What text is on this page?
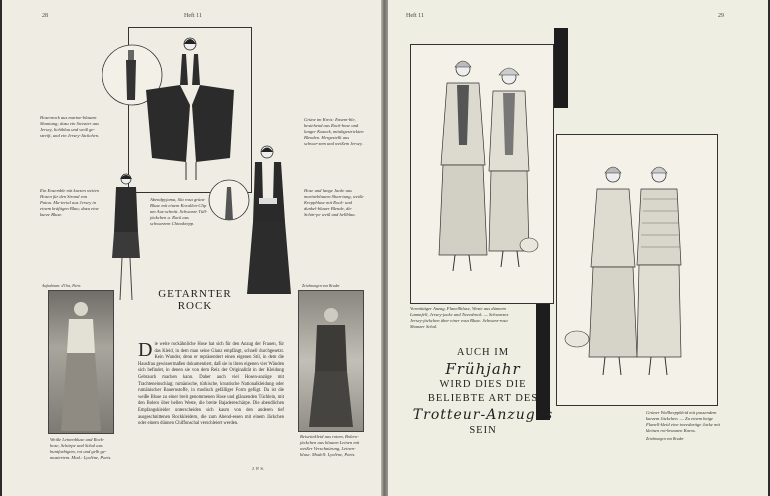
28	Heft 11
Hosenrock aus marine-blauem Shantung; dazu ein Sweater aus Jersey, lichtblau und weiß ge-streift, und ein Jersey-Jäckchen.
Ein Ensemble mit kurzen weiten Hosen für den Strand von Patou. Ma-terial aus Jersey in einem kräftigen Blau; dazu eine kurze Bluse.
Abendpyjama, lila rosa grüne Bluse mit einem Korallen-Clip am Aus-schnitt. Schwarze Tüll-jäckchen u. Rock aus schwarzem Chinakrepp.
Grüne im Kreis: Ensem-ble, bestehend aus Rock-hose und langer Kasack, mitabgestrickten Blenden. Hergestellt aus schwar-zem und weißem Jersey.
Hose und lange Jacke aus marineblauem Shan-tung, weiße Kreppbluse mit Rock- und dunkel-blauer Blende, die Schär-pe weiß und hellblau.
Aufnahmen: d'Ora, Paris	Zeichnungen von Bruder
Weiße Leinenbluse und Rock-hose, Schärpe und Schal aus buntfarbigem, rot und gelb ge-mustertem. Mod.: Lyolène, Paris.
GETARNTER
ROCK
Die weite rockähnliche Hose hat sich für den Anzug der Frauen, für das Kleid, in dem man seine Glanz empfängt, schnell durchgesetzt. Kein Wunder, denn er repräsentiert einen eigenen Stil, in dem die Hausfrau gewissermaßen dokumentiert, daß sie in ihren eigenen vier Wänden sich befindet, in denen sie von dem Reiz der Originalität in der Kleidung Gebrauch machen kann. Daher auch viel Hosen-anzüge mit Trachteneinschlag; rumänische, türkische, kroatische Nationalkleidung oder rumänischer Bauernstoffe, in modisch gefälliger Form gefügt. Da ist die weiße Bluse zu einer breit genommenen Hose und glänzenden Tüchlein, mit den Bolero über hellen Weste, die breite Bajadereschärpe. Die abendlichen Empfangskleider unterscheiden sich kaum von den anderen tief ausgeschnittenen Rockkleidern, die zum Abend-essen mit einem Jäckchen oder einem dünnen Chiffonschal verschleiert werden.
J. P. S.
Beiseitekleid aus rotem, Bolero-jäckchen aus blauem Leinen mit weißer Verschnürung, Leinen-bluse. Modell: Lyolène, Paris.
Heft 11	29
Vormittäger Anzug, Flanellbluse, Weste aus dünnem Lammfell, Jersey-jacke und Tweedrock. — Schwarzes Jersey-jäckchen über einer rosa Bluse. Schwarz-rosa Shanzer Schal.
AUCH IM
Frühjahr
WIRD DIES DIE
BELIEBTE ART DES
Trotteur-Anzuges
SEIN
Grüner Wollkreppkleid mit passendem kurzem Jäckchen. — Zu einem beige Flanell-kleid eine tweedartige Jacke mit kleinen rot-braunen Karos.
Zeichnungen von Bruder
